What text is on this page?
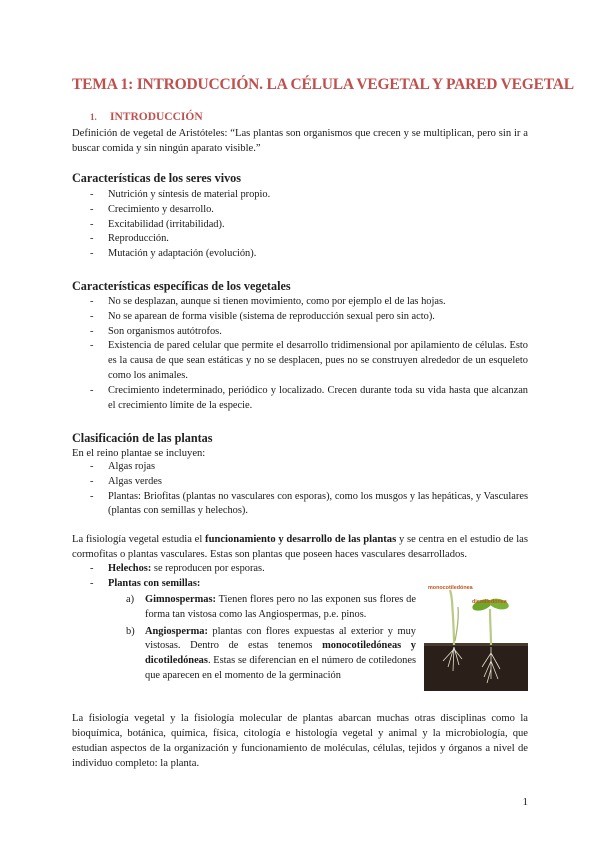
TEMA 1: INTRODUCCIÓN. LA CÉLULA VEGETAL Y PARED VEGETAL
1. INTRODUCCIÓN
Definición de vegetal de Aristóteles: “Las plantas son organismos que crecen y se multiplican, pero sin ir a buscar comida y sin ningún aparato visible.”
Características de los seres vivos
- Nutrición y síntesis de material propio.
- Crecimiento y desarrollo.
- Excitabilidad (irritabilidad).
- Reproducción.
- Mutación y adaptación (evolución).
Características específicas de los vegetales
- No se desplazan, aunque si tienen movimiento, como por ejemplo el de las hojas.
- No se aparean de forma visible (sistema de reproducción sexual pero sin acto).
- Son organismos autótrofos.
- Existencia de pared celular que permite el desarrollo tridimensional por apilamiento de células. Esto es la causa de que sean estáticas y no se desplacen, pues no se construyen alrededor de un esqueleto como los animales.
- Crecimiento indeterminado, periódico y localizado. Crecen durante toda su vida hasta que alcanzan el crecimiento límite de la especie.
Clasificación de las plantas
En el reino plantae se incluyen:
- Algas rojas
- Algas verdes
- Plantas: Briofitas (plantas no vasculares con esporas), como los musgos y las hepáticas, y Vasculares (plantas con semillas y helechos).
La fisiología vegetal estudia el funcionamiento y desarrollo de las plantas y se centra en el estudio de las cormofitas o plantas vasculares. Estas son plantas que poseen haces vasculares desarrollados.
- Helechos: se reproducen por esporas.
- Plantas con semillas:
a) Gimnospermas: Tienen flores pero no las exponen sus flores de forma tan vistosa como las Angiospermas, p.e. pinos.
b) Angiosperma: plantas con flores expuestas al exterior y muy vistosas. Dentro de estas tenemos monocotiledóneas y dicotiledóneas. Estas se diferencian en el número de cotiledones que aparecen en el momento de la germinación
monocotiledónea
dicotiledónea
La fisiología vegetal y la fisiología molecular de plantas abarcan muchas otras disciplinas como la bioquímica, botánica, química, física, citología e histología vegetal y animal y la microbiología, que estudian aspectos de la organización y funcionamiento de moléculas, células, tejidos y órganos a nivel de individuo completo: la planta.
1
